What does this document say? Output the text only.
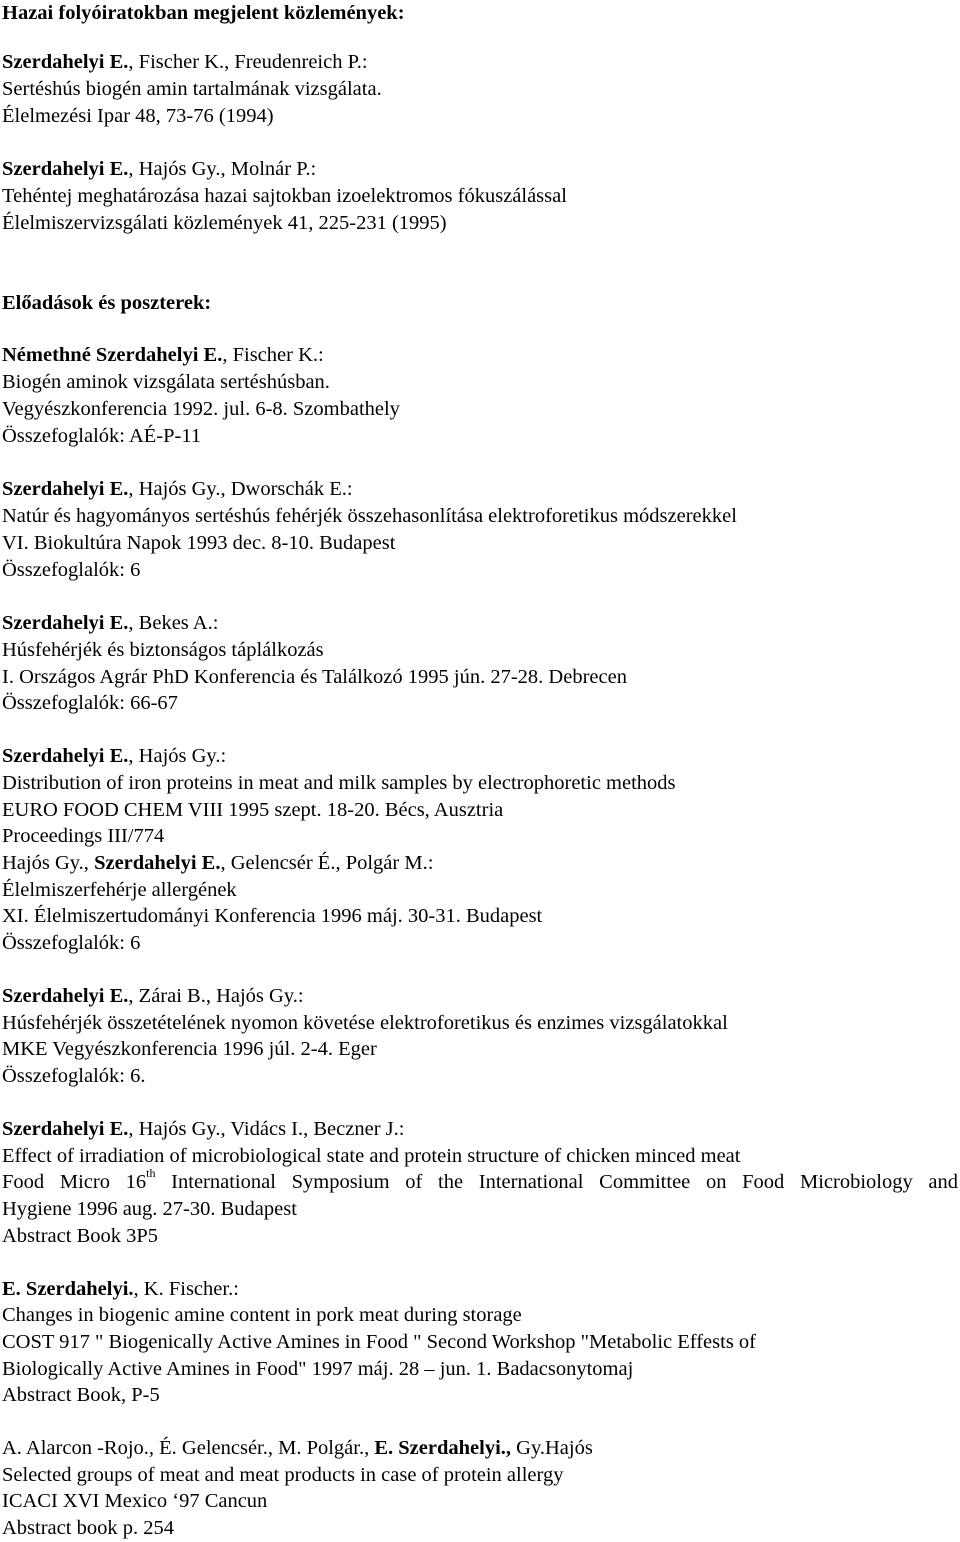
Hazai folyóiratokban megjelent közlemények:
Szerdahelyi E., Fischer K., Freudenreich P.:
Sertéshús biogén amin tartalmának vizsgálata.
Élelmezési Ipar 48, 73-76 (1994)
Szerdahelyi E., Hajós Gy., Molnár P.:
Tehéntej meghatározása hazai sajtokban izoelektromos fókuszálással
Élelmiszervizsgálati közlemények 41, 225-231 (1995)
Előadások és poszterek:
Némethné Szerdahelyi E., Fischer K.:
Biogén aminok vizsgálata sertéshúsban.
Vegyészkonferencia 1992. jul. 6-8. Szombathely
Összefoglalók: AÉ-P-11
Szerdahelyi E., Hajós Gy., Dworschák E.:
Natúr és hagyományos sertéshús fehérjék összehasonlítása elektroforetikus módszerekkel
VI. Biokultúra Napok 1993 dec. 8-10. Budapest
Összefoglalók: 6
Szerdahelyi E., Bekes A.:
Húsfehérjék és biztonságos táplálkozás
I. Országos Agrár PhD Konferencia és Találkozó 1995 jún. 27-28. Debrecen
Összefoglalók: 66-67
Szerdahelyi E., Hajós Gy.:
Distribution of iron proteins in meat and milk samples by electrophoretic methods
EURO FOOD CHEM VIII 1995 szept. 18-20. Bécs, Ausztria
Proceedings III/774
Hajós Gy., Szerdahelyi E., Gelencsér É., Polgár M.:
Élelmiszerfehérje allergének
XI. Élelmiszertudományi Konferencia 1996 máj. 30-31. Budapest
Összefoglalók: 6
Szerdahelyi E., Zárai B., Hajós Gy.:
Húsfehérjék összetételének nyomon követése elektroforetikus és enzimes vizsgálatokkal
MKE Vegyészkonferencia 1996 júl. 2-4. Eger
Összefoglalók: 6.
Szerdahelyi E., Hajós Gy., Vidács I., Beczner J.:
Effect of irradiation of microbiological state and protein structure of chicken minced meat
Food Micro 16th International Symposium of the International Committee on Food Microbiology and
Hygiene 1996 aug. 27-30. Budapest
Abstract Book 3P5
E. Szerdahelyi., K. Fischer.:
Changes in biogenic amine content in pork meat during storage
COST 917 " Biogenically Active Amines in Food " Second Workshop "Metabolic Effests of
Biologically Active Amines in Food" 1997 máj. 28 – jun. 1. Badacsonytomaj
Abstract Book, P-5
A. Alarcon -Rojo., É. Gelencsér., M. Polgár., E. Szerdahelyi., Gy.Hajós
Selected groups of meat and meat products in case of protein allergy
ICACI XVI Mexico ‘97 Cancun
Abstract book p. 254
